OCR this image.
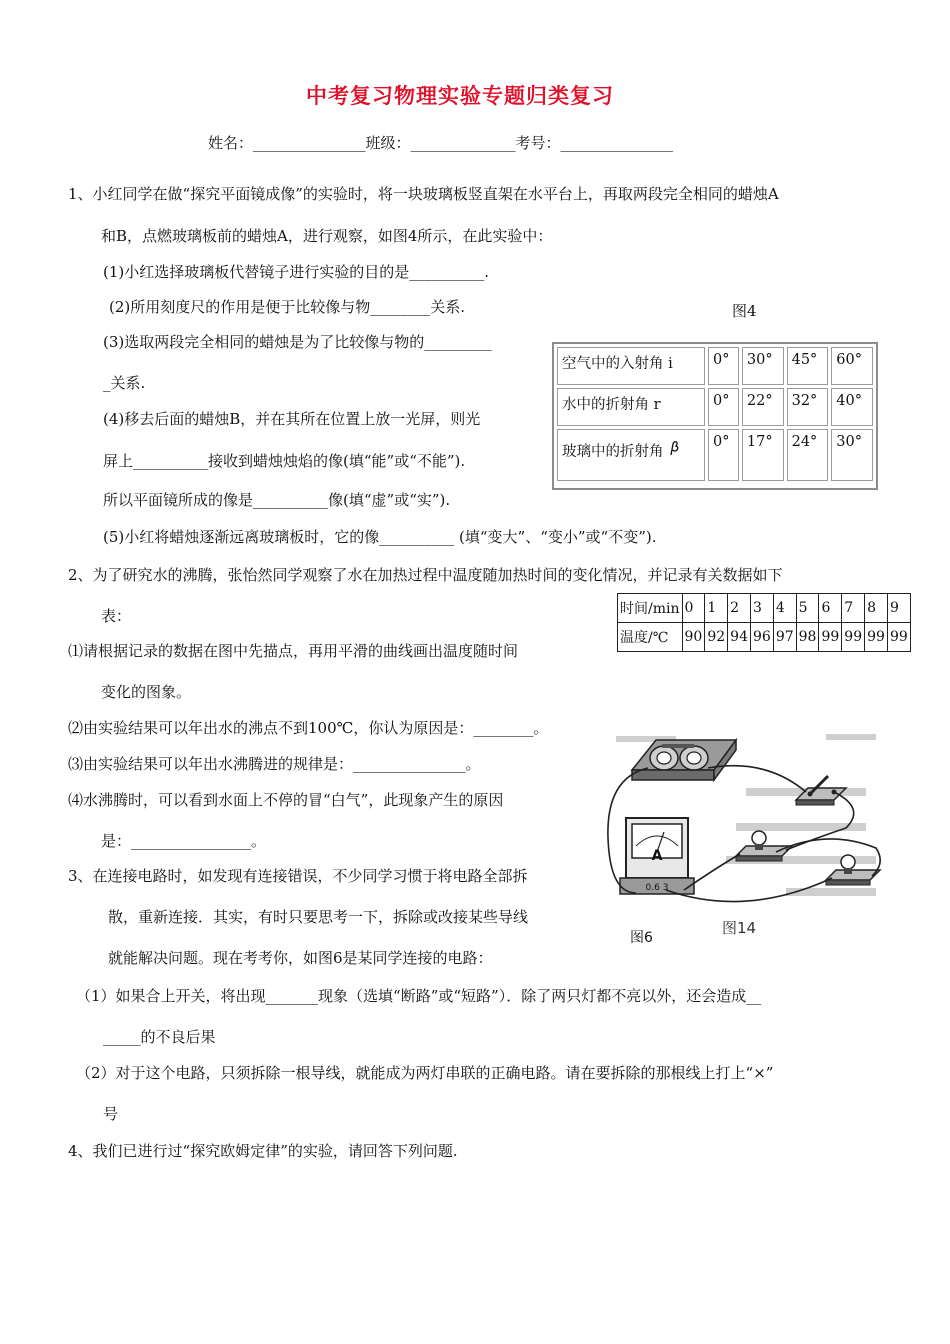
中考复习物理实验专题归类复习
姓名：_______________班级：______________考号：_______________
1、小红同学在做“探究平面镜成像”的实验时，将一块玻璃板竖直架在水平台上，再取两段完全相同的蜡烛A
和B，点燃玻璃板前的蜡烛A，进行观察，如图4所示，在此实验中：
(1)小红选择玻璃板代替镜子进行实验的目的是__________.
(2)所用刻度尺的作用是便于比较像与物________关系.	图4
(3)选取两段完全相同的蜡烛是为了比较像与物的_________
_关系.
(4)移去后面的蜡烛B，并在其所在位置上放一光屏，则光
屏上__________接收到蜡烛烛焰的像(填“能”或“不能”).
所以平面镜所成的像是__________像(填“虚”或“实”).
(5)小红将蜡烛逐渐远离玻璃板时，它的像__________ (填“变大”、“变小”或“不变”).
空气中的入射角 i	0°	30°	45°	60°
水中的折射角 r	0°	22°	32°	40°
玻璃中的折射角	0°	17°	24°	30°
2、为了研究水的沸腾，张怡然同学观察了水在加热过程中温度随加热时间的变化情况，并记录有关数据如下
表：	时间/min	0	1	2	3	4	5	6	7	8	9
温度/℃	90	92	94	96	97	98	99	99	99	99
⑴请根据记录的数据在图中先描点，再用平滑的曲线画出温度随时间
变化的图象。
⑵由实验结果可以年出水的沸点不到100℃，你认为原因是：________。
⑶由实验结果可以年出水沸腾进的规律是：_______________。
⑷水沸腾时，可以看到水面上不停的冒“白气”，此现象产生的原因
是：________________。
A
0.6 3
图6
图14
3、在连接电路时，如发现有连接错误，不少同学习惯于将电路全部拆
散，重新连接．其实，有时只要思考一下，拆除或改接某些导线
就能解决问题。现在考考你，如图6是某同学连接的电路：
（1）如果合上开关，将出现_______现象（选填“断路”或“短路”）．除了两只灯都不亮以外，还会造成__
_____的不良后果
（2）对于这个电路，只须拆除一根导线，就能成为两灯串联的正确电路。请在要拆除的那根线上打上“×”
号
4、我们已进行过“探究欧姆定律”的实验，请回答下列问题.
